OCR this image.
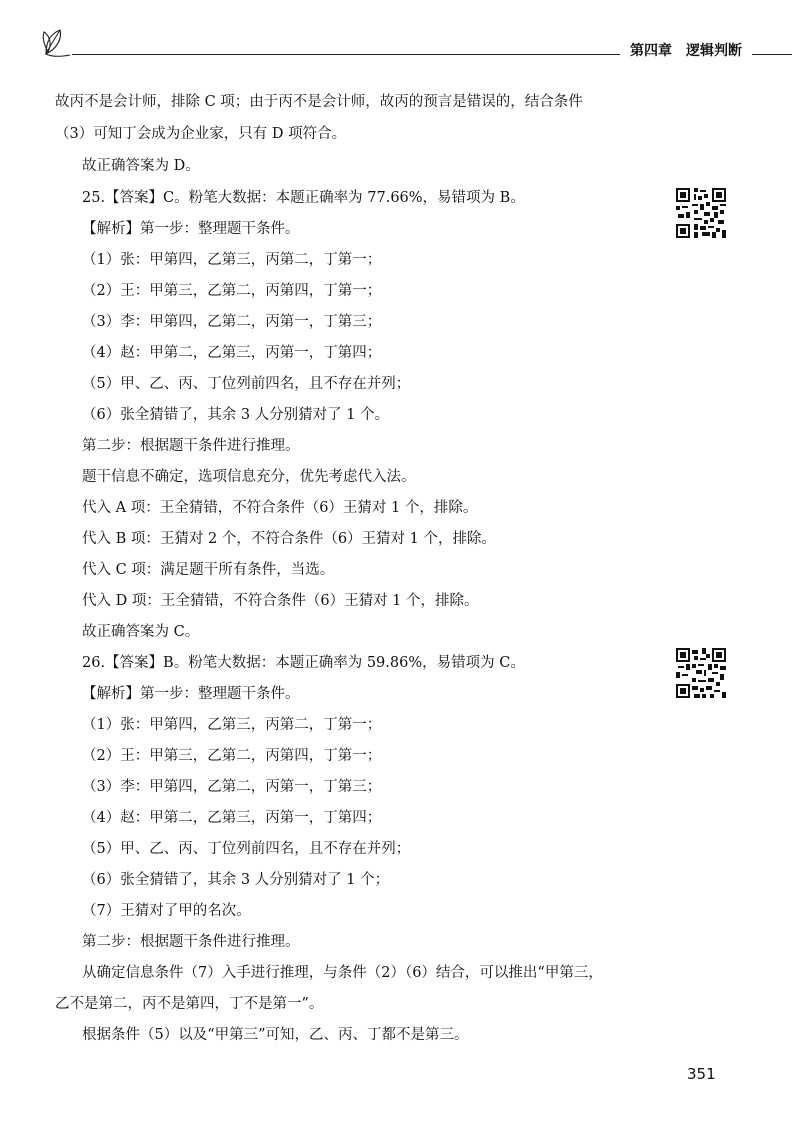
第四章　逻辑判断
故丙不是会计师，排除 C 项；由于丙不是会计师，故丙的预言是错误的，结合条件
（3）可知丁会成为企业家，只有 D 项符合。
故正确答案为 D。
25.【答案】C。粉笔大数据：本题正确率为 77.66%，易错项为 B。
【解析】第一步：整理题干条件。
（1）张：甲第四，乙第三，丙第二，丁第一；
（2）王：甲第三，乙第二，丙第四，丁第一；
（3）李：甲第四，乙第二，丙第一，丁第三；
（4）赵：甲第二，乙第三，丙第一，丁第四；
（5）甲、乙、丙、丁位列前四名，且不存在并列；
（6）张全猜错了，其余 3 人分别猜对了 1 个。
第二步：根据题干条件进行推理。
题干信息不确定，选项信息充分，优先考虑代入法。
代入 A 项：王全猜错，不符合条件（6）王猜对 1 个，排除。
代入 B 项：王猜对 2 个，不符合条件（6）王猜对 1 个，排除。
代入 C 项：满足题干所有条件，当选。
代入 D 项：王全猜错，不符合条件（6）王猜对 1 个，排除。
故正确答案为 C。
26.【答案】B。粉笔大数据：本题正确率为 59.86%，易错项为 C。
【解析】第一步：整理题干条件。
（1）张：甲第四，乙第三，丙第二，丁第一；
（2）王：甲第三，乙第二，丙第四，丁第一；
（3）李：甲第四，乙第二，丙第一，丁第三；
（4）赵：甲第二，乙第三，丙第一，丁第四；
（5）甲、乙、丙、丁位列前四名，且不存在并列；
（6）张全猜错了，其余 3 人分别猜对了 1 个；
（7）王猜对了甲的名次。
第二步：根据题干条件进行推理。
从确定信息条件（7）入手进行推理，与条件（2）（6）结合，可以推出“甲第三，
乙不是第二，丙不是第四，丁不是第一”。
根据条件（5）以及“甲第三”可知，乙、丙、丁都不是第三。
351
